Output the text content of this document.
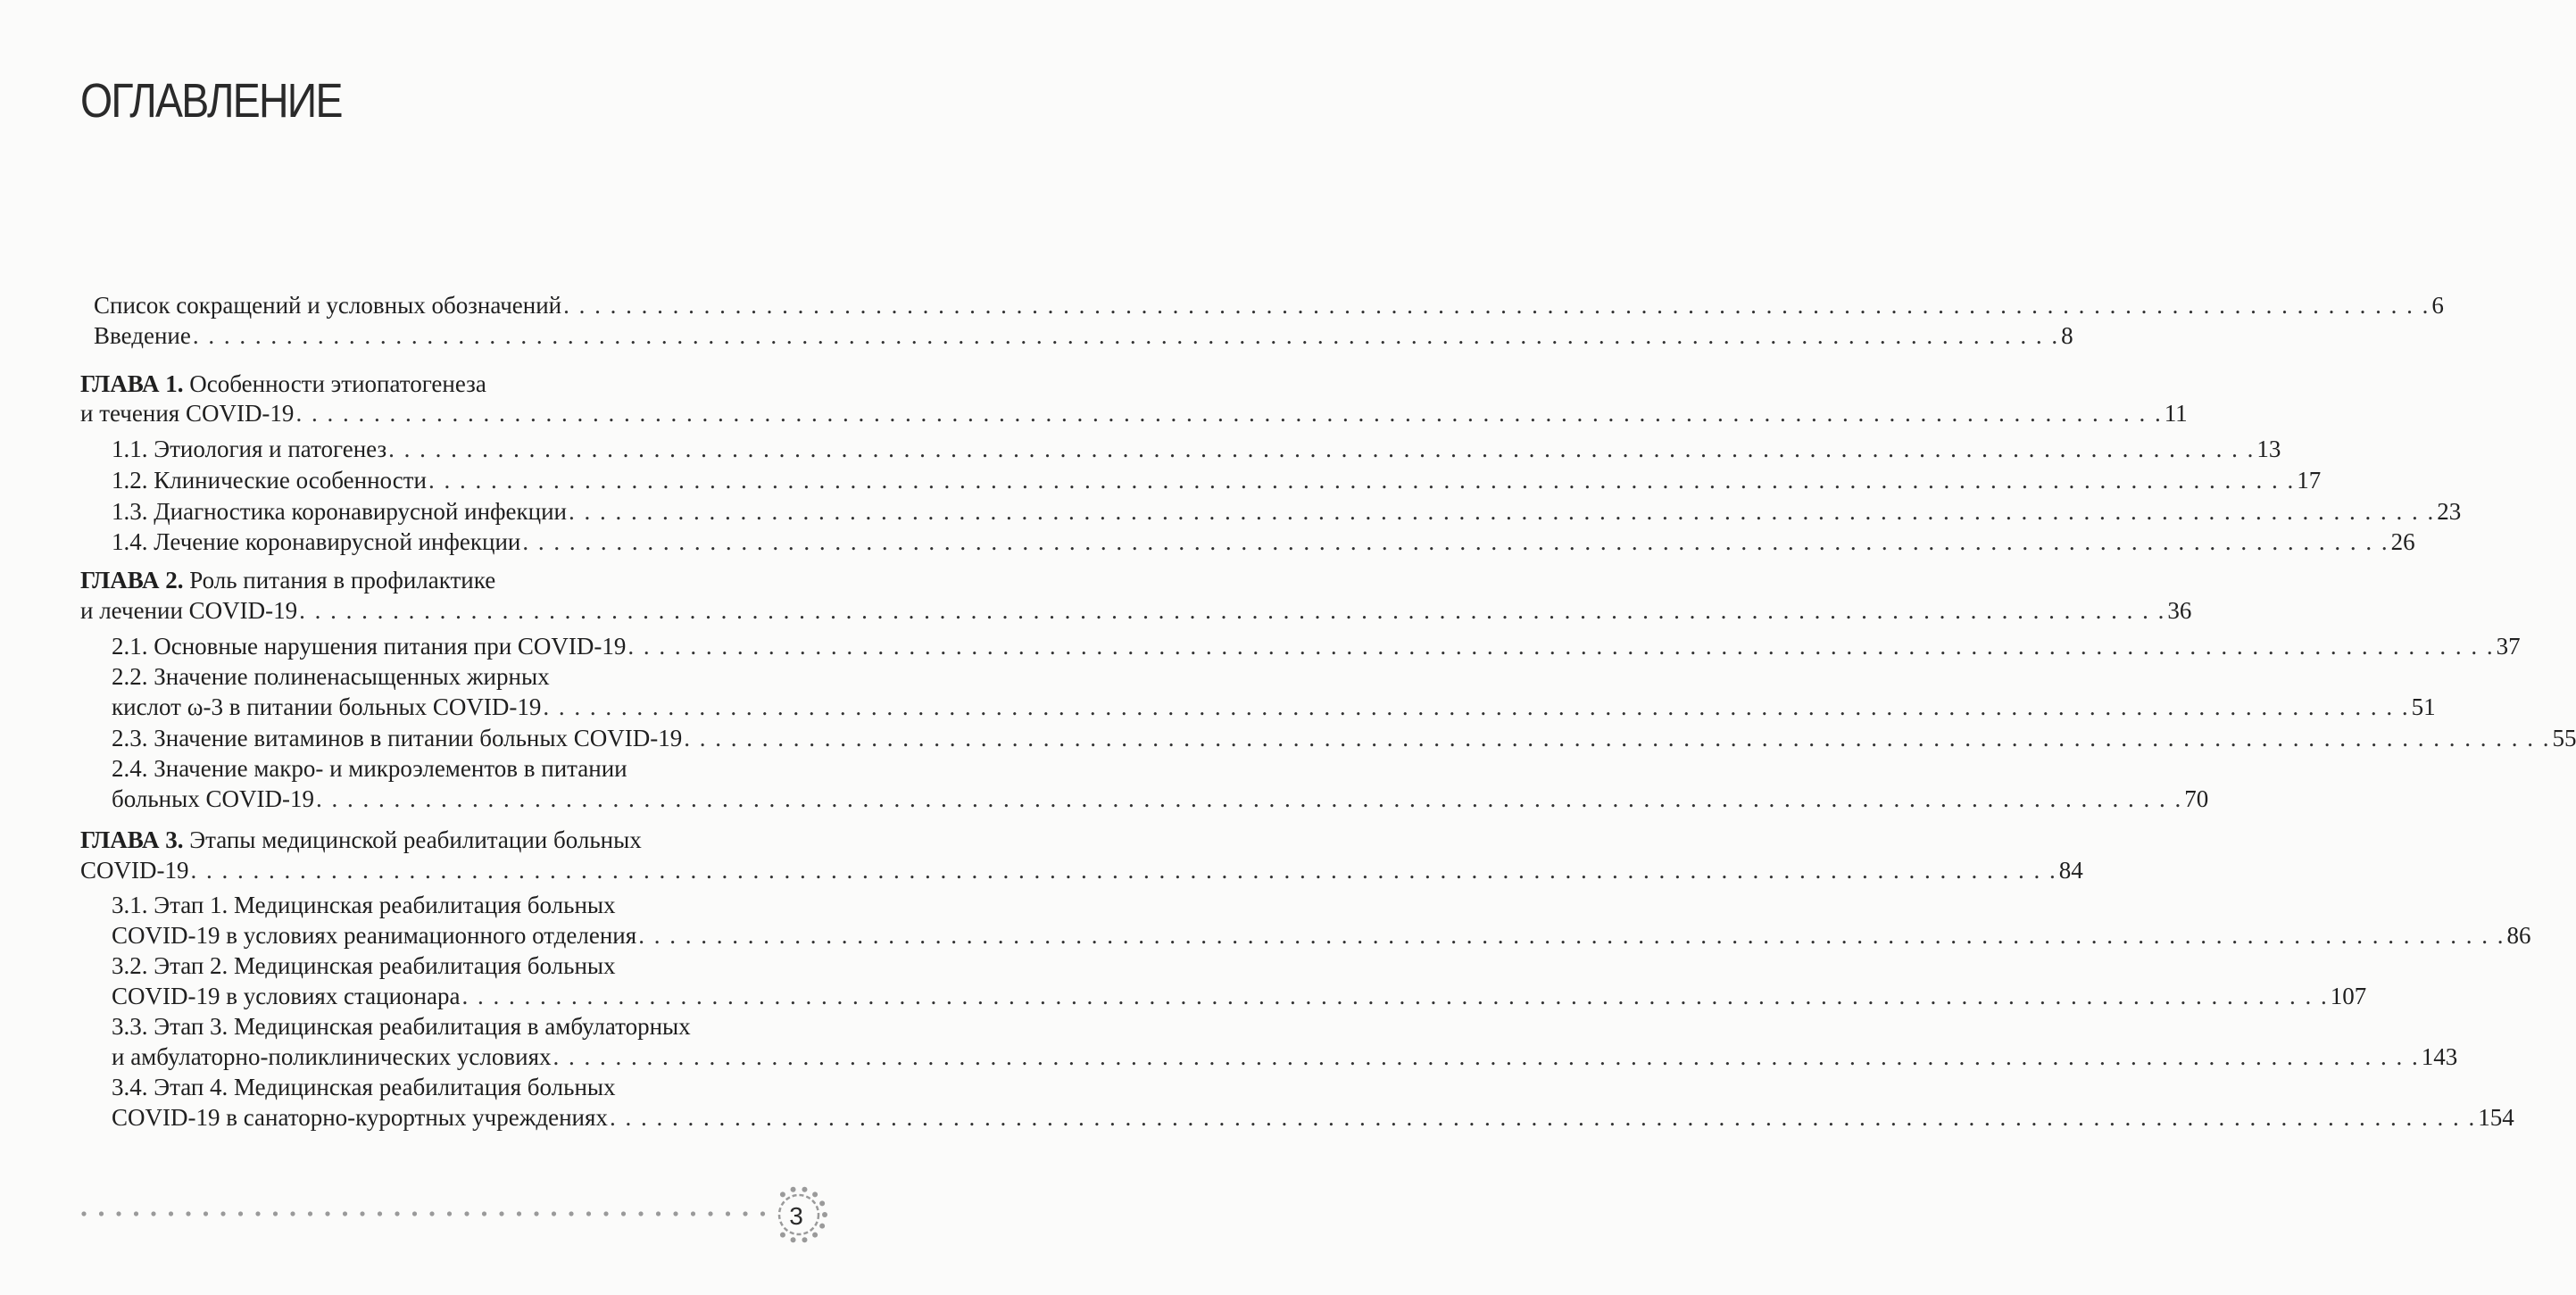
ОГЛАВЛЕНИЕ
Список сокращений и условных обозначений . . . . . . . . . . . . . . . . . . . . . . . . . . . . . . . . . . . . . . . . . . . . . . . . . . . . . . . . . . . . . . . . . . . . . . . . . . . . . . . . . . . . . . . . . . . . . . . . . . . . . . . . . . . . . . . . . . . . . . . . 6
Введение . . . . . . . . . . . . . . . . . . . . . . . . . . . . . . . . . . . . . . . . . . . . . . . . . . . . . . . . . . . . . . . . . . . . . . . . . . . . . . . . . . . . . . . . . . . . . . . . . . . . . . . . . . . . . . . . . . . . . . . . 8
ГЛАВА 1. Особенности этиопатогенеза
и течения COVID-19 . . . . . . . . . . . . . . . . . . . . . . . . . . . . . . . . . . . . . . . . . . . . . . . . . . . . . . . . . . . . . . . . . . . . . . . . . . . . . . . . . . . . . . . . . . . . . . . . . . . . . . . . . . . . . . . . . . . . . . . . 11
1.1. Этиология и патогенез . . . . . . . . . . . . . . . . . . . . . . . . . . . . . . . . . . . . . . . . . . . . . . . . . . . . . . . . . . . . . . . . . . . . . . . . . . . . . . . . . . . . . . . . . . . . . . . . . . . . . . . . . . . . . . . . . . . . . . . . 13
1.2. Клинические особенности . . . . . . . . . . . . . . . . . . . . . . . . . . . . . . . . . . . . . . . . . . . . . . . . . . . . . . . . . . . . . . . . . . . . . . . . . . . . . . . . . . . . . . . . . . . . . . . . . . . . . . . . . . . . . . . . . . . . . . . . 17
1.3. Диагностика коронавирусной инфекции . . . . . . . . . . . . . . . . . . . . . . . . . . . . . . . . . . . . . . . . . . . . . . . . . . . . . . . . . . . . . . . . . . . . . . . . . . . . . . . . . . . . . . . . . . . . . . . . . . . . . . . . . . . . . . . . . . . . . . . . 23
1.4. Лечение коронавирусной инфекции . . . . . . . . . . . . . . . . . . . . . . . . . . . . . . . . . . . . . . . . . . . . . . . . . . . . . . . . . . . . . . . . . . . . . . . . . . . . . . . . . . . . . . . . . . . . . . . . . . . . . . . . . . . . . . . . . . . . . . . . 26
ГЛАВА 2. Роль питания в профилактике
и лечении COVID-19 . . . . . . . . . . . . . . . . . . . . . . . . . . . . . . . . . . . . . . . . . . . . . . . . . . . . . . . . . . . . . . . . . . . . . . . . . . . . . . . . . . . . . . . . . . . . . . . . . . . . . . . . . . . . . . . . . . . . . . . . 36
2.1. Основные нарушения питания при COVID-19 . . . . . . . . . . . . . . . . . . . . . . . . . . . . . . . . . . . . . . . . . . . . . . . . . . . . . . . . . . . . . . . . . . . . . . . . . . . . . . . . . . . . . . . . . . . . . . . . . . . . . . . . . . . . . . . . . . . . . . . . 37
2.2. Значение полиненасыщенных жирных
кислот ω-3 в питании больных COVID-19 . . . . . . . . . . . . . . . . . . . . . . . . . . . . . . . . . . . . . . . . . . . . . . . . . . . . . . . . . . . . . . . . . . . . . . . . . . . . . . . . . . . . . . . . . . . . . . . . . . . . . . . . . . . . . . . . . . . . . . . . 51
2.3. Значение витаминов в питании больных COVID-19 . . . . . . . . . . . . . . . . . . . . . . . . . . . . . . . . . . . . . . . . . . . . . . . . . . . . . . . . . . . . . . . . . . . . . . . . . . . . . . . . . . . . . . . . . . . . . . . . . . . . . . . . . . . . . . . . . . . . . . . . 55
2.4. Значение макро- и микроэлементов в питании
больных COVID-19 . . . . . . . . . . . . . . . . . . . . . . . . . . . . . . . . . . . . . . . . . . . . . . . . . . . . . . . . . . . . . . . . . . . . . . . . . . . . . . . . . . . . . . . . . . . . . . . . . . . . . . . . . . . . . . . . . . . . . . . . 70
ГЛАВА 3. Этапы медицинской реабилитации больных
COVID-19 . . . . . . . . . . . . . . . . . . . . . . . . . . . . . . . . . . . . . . . . . . . . . . . . . . . . . . . . . . . . . . . . . . . . . . . . . . . . . . . . . . . . . . . . . . . . . . . . . . . . . . . . . . . . . . . . . . . . . . . . 84
3.1. Этап 1. Медицинская реабилитация больных
COVID-19 в условиях реанимационного отделения . . . . . . . . . . . . . . . . . . . . . . . . . . . . . . . . . . . . . . . . . . . . . . . . . . . . . . . . . . . . . . . . . . . . . . . . . . . . . . . . . . . . . . . . . . . . . . . . . . . . . . . . . . . . . . . . . . . . . . . . 86
3.2. Этап 2. Медицинская реабилитация больных
COVID-19 в условиях стационара . . . . . . . . . . . . . . . . . . . . . . . . . . . . . . . . . . . . . . . . . . . . . . . . . . . . . . . . . . . . . . . . . . . . . . . . . . . . . . . . . . . . . . . . . . . . . . . . . . . . . . . . . . . . . . . . . . . . . . . . 107
3.3. Этап 3. Медицинская реабилитация в амбулаторных
и амбулаторно-поликлинических условиях . . . . . . . . . . . . . . . . . . . . . . . . . . . . . . . . . . . . . . . . . . . . . . . . . . . . . . . . . . . . . . . . . . . . . . . . . . . . . . . . . . . . . . . . . . . . . . . . . . . . . . . . . . . . . . . . . . . . . . . . 143
3.4. Этап 4. Медицинская реабилитация больных
COVID-19 в санаторно-курортных учреждениях . . . . . . . . . . . . . . . . . . . . . . . . . . . . . . . . . . . . . . . . . . . . . . . . . . . . . . . . . . . . . . . . . . . . . . . . . . . . . . . . . . . . . . . . . . . . . . . . . . . . . . . . . . . . . . . . . . . . . . . . 154
3
